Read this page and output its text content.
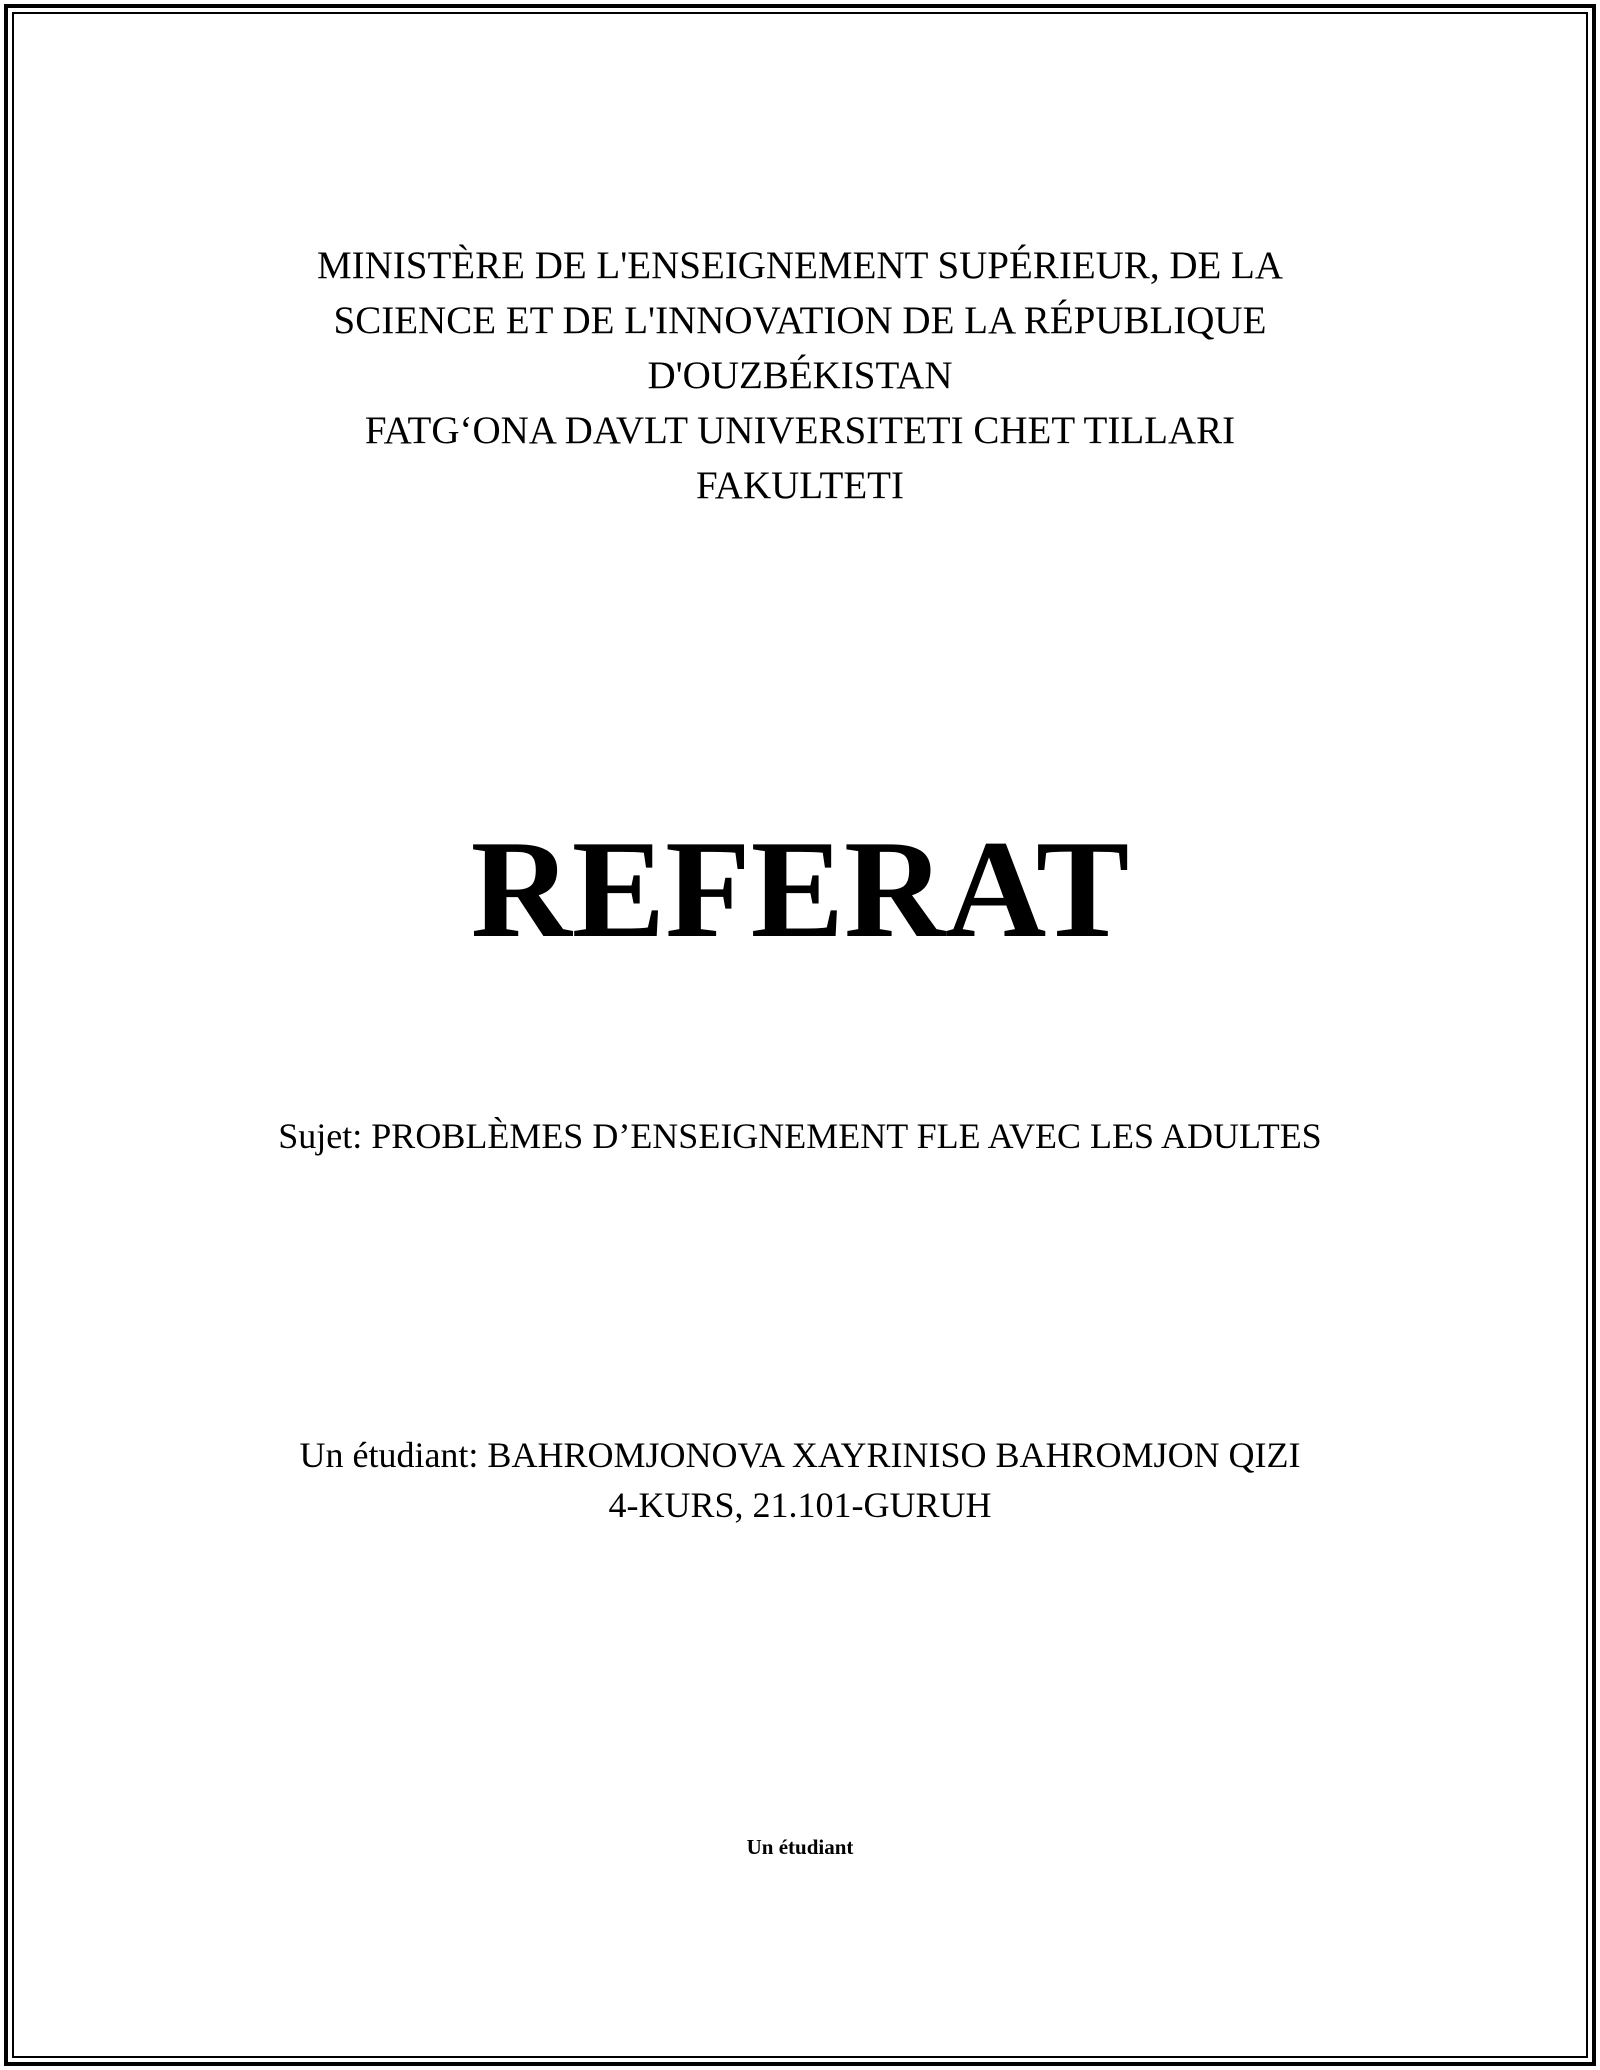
MINISTÈRE DE L'ENSEIGNEMENT SUPÉRIEUR, DE LA
SCIENCE ET DE L'INNOVATION DE LA RÉPUBLIQUE
D'OUZBÉKISTAN
FATG‘ONA DAVLT UNIVERSITETI CHET TILLARI
FAKULTETI
REFERAT
Sujet: PROBLÈMES D’ENSEIGNEMENT FLE AVEC LES ADULTES
Un étudiant: BAHROMJONOVA XAYRINISO BAHROMJON QIZI
4-KURS, 21.101-GURUH
Un étudiant
